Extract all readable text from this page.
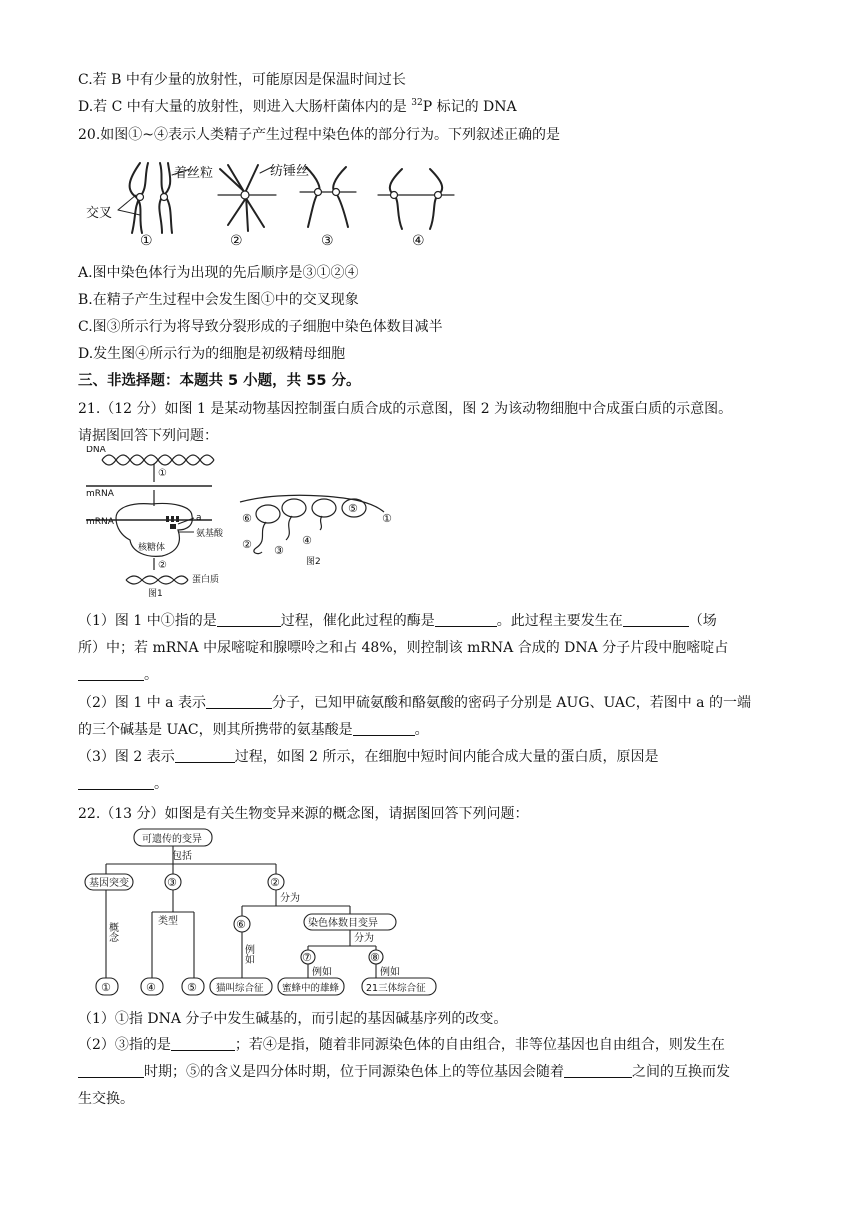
C.若 B 中有少量的放射性，可能原因是保温时间过长
D.若 C 中有大量的放射性，则进入大肠杆菌体内的是 $^{32}$P 标记的 DNA
20.如图①~④表示人类精子产生过程中染色体的部分行为。下列叙述正确的是
着丝粒	纺锤丝
交叉
①	②	③	④
A.图中染色体行为出现的先后顺序是③①②④
B.在精子产生过程中会发生图①中的交叉现象
C.图③所示行为将导致分裂形成的子细胞中染色体数目减半
D.发生图④所示行为的细胞是初级精母细胞
三、非选择题：本题共 5 小题，共 55 分。
21.（12 分）如图 1 是某动物基因控制蛋白质合成的示意图，图 2 为该动物细胞中合成蛋白质的示意图。
请据图回答下列问题：
DNA
①
mRNA
mRNA	a
氨基酸
核糖体
②
蛋白质
图1
⑥
⑤
①
② ③
④
图2
（1）图 1 中①指的是	过程，催化此过程的酶是	。此过程主要发生在	（场
所）中；若 mRNA 中尿嘧啶和腺嘌呤之和占 48%，则控制该 mRNA 合成的 DNA 分子片段中胞嘧啶占
。
（2）图 1 中 a 表示	分子，已知甲硫氨酸和酪氨酸的密码子分别是 AUG、UAC，若图中 a 的一端
的三个碱基是 UAC，则其所携带的氨基酸是	。
（3）图 2 表示	过程，如图 2 所示，在细胞中短时间内能合成大量的蛋白质，原因是
。
22.（13 分）如图是有关生物变异来源的概念图，请据图回答下列问题：
可遗传的变异
包括
基因突变	③	②
分为
概念
类型	⑥	染色体数目变异
分为
例如	⑦	⑧
例如	例如
①	④	⑤ 猫叫综合征 蜜蜂中的雄蜂	21三体综合征
（1）①指 DNA 分子中发生碱基的，而引起的基因碱基序列的改变。
（2）③指的是	；若④是指，随着非同源染色体的自由组合，非等位基因也自由组合，则发生在
时期；⑤的含义是四分体时期，位于同源染色体上的等位基因会随着	之间的互换而发
生交换。
